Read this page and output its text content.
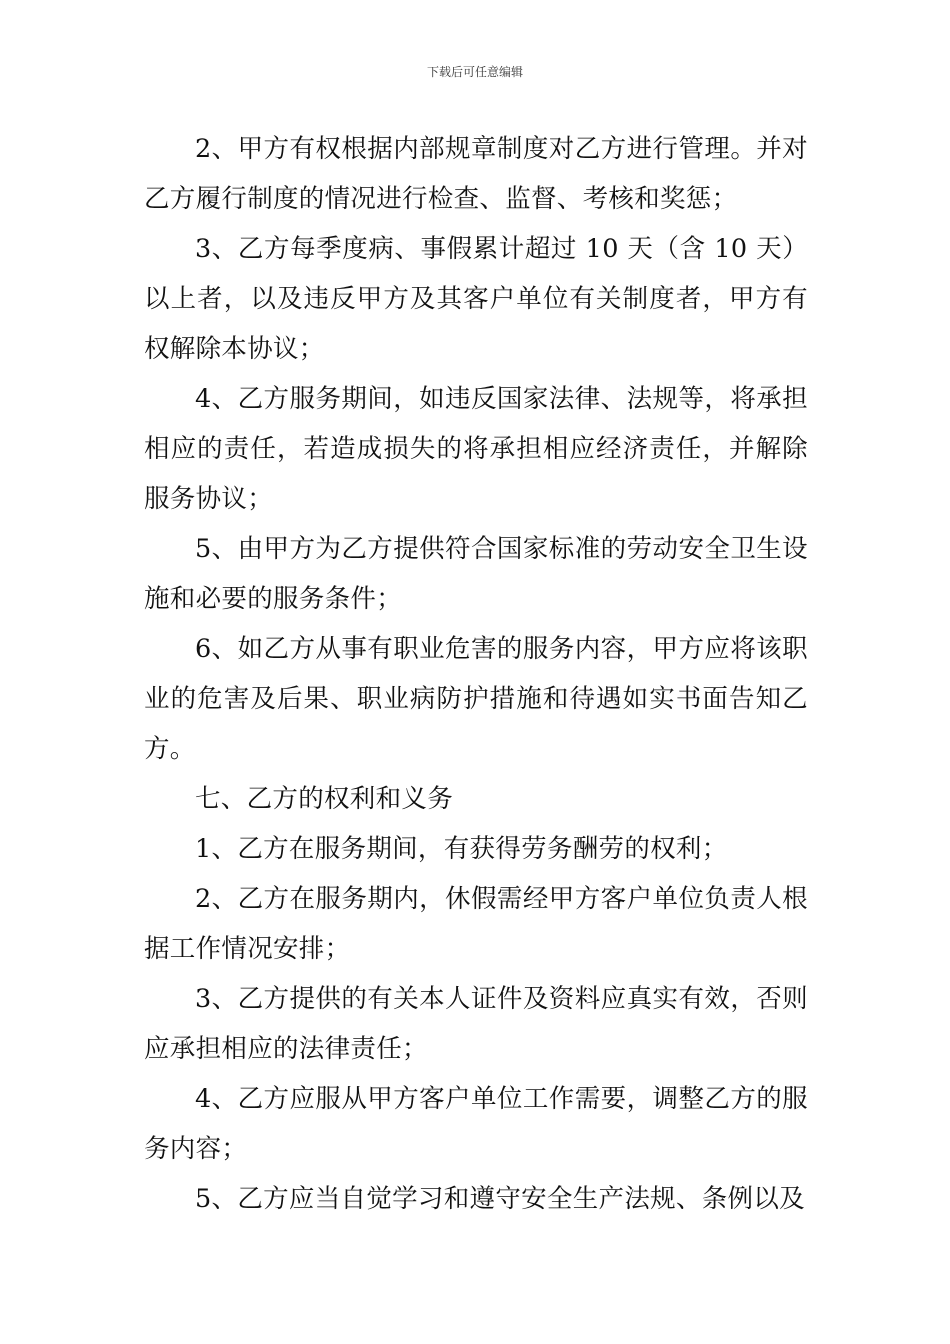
下载后可任意编辑

2、甲方有权根据内部规章制度对乙方进行管理。并对乙方履行制度的情况进行检查、监督、考核和奖惩；

3、乙方每季度病、事假累计超过 10 天（含 10 天）以上者，以及违反甲方及其客户单位有关制度者，甲方有权解除本协议；

4、乙方服务期间，如违反国家法律、法规等，将承担相应的责任，若造成损失的将承担相应经济责任，并解除服务协议；

5、由甲方为乙方提供符合国家标准的劳动安全卫生设施和必要的服务条件；

6、如乙方从事有职业危害的服务内容，甲方应将该职业的危害及后果、职业病防护措施和待遇如实书面告知乙方。

七、乙方的权利和义务

1、乙方在服务期间，有获得劳务酬劳的权利；

2、乙方在服务期内，休假需经甲方客户单位负责人根据工作情况安排；

3、乙方提供的有关本人证件及资料应真实有效，否则应承担相应的法律责任；

4、乙方应服从甲方客户单位工作需要，调整乙方的服务内容；

5、乙方应当自觉学习和遵守安全生产法规、条例以及
